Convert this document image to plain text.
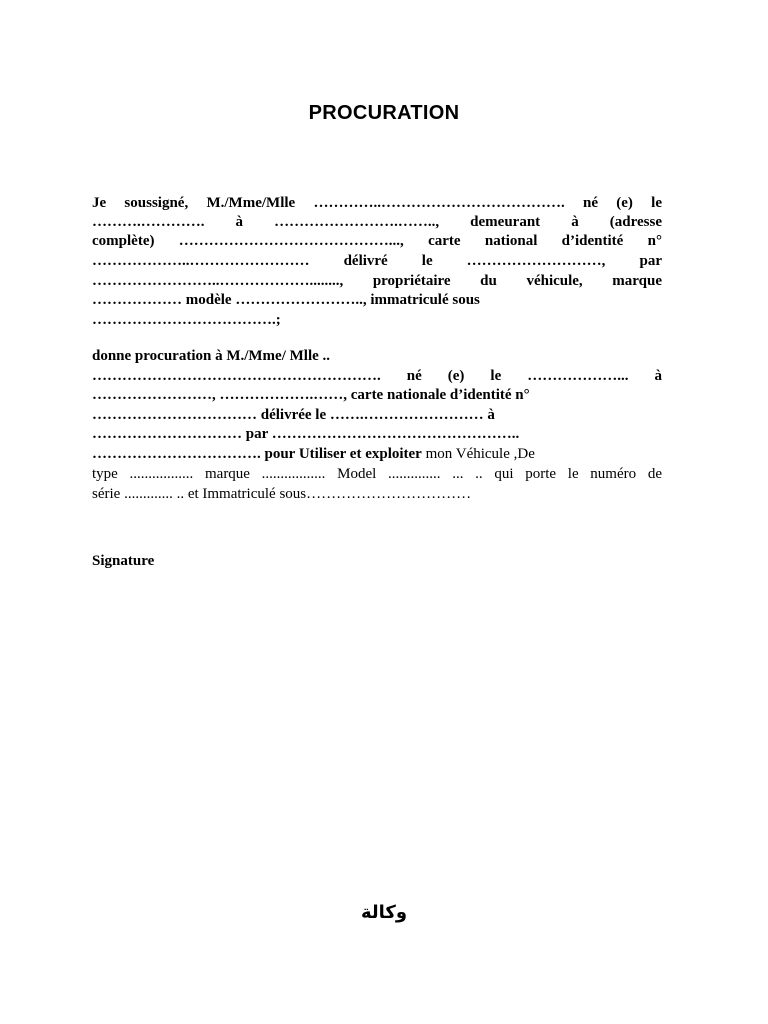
PROCURATION
Je soussigné, M./Mme/Mlle …………..………………………………. né (e) le
……….…………. à …………………….…….., demeurant à (adresse
complète) ……………………………………..., carte national d’identité n°
………………..…………………… délivré le ………………………, par
……………………..………………........, propriétaire du véhicule, marque
……………… modèle …………………….., immatriculé sous
……………………………….;
donne procuration à M./Mme/ Mlle ..
…………………………………………………. né (e) le ………………... à
……………………, ……………….……, carte nationale d’identité n°
…………………………… délivrée le …….…………………… à
………………………… par …………………………………………..
……………………………. pour Utiliser et exploiter mon Véhicule ,De
type ................. marque ................. Model .............. ... .. qui porte le numéro de
série ............. .. et Immatriculé sous……………………………
Signature
وكالة
